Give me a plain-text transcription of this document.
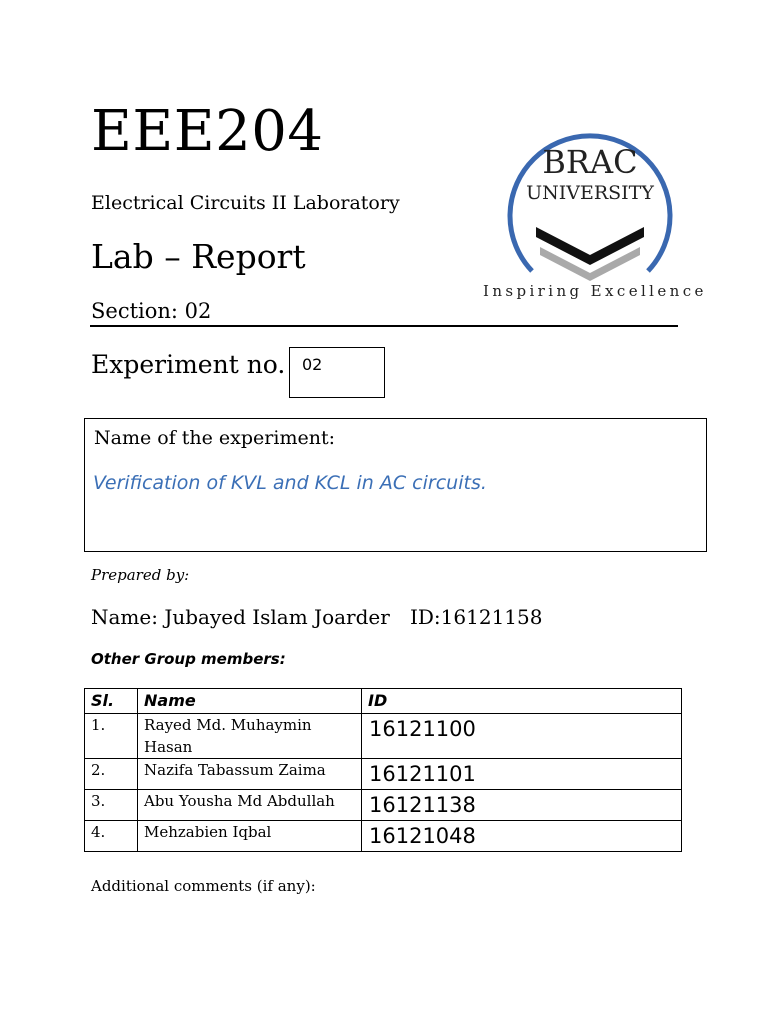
EEE204
Electrical Circuits II Laboratory
Lab – Report
Section: 02
BRAC
UNIVERSITY
Inspiring Excellence
Experiment no. 02
Name of the experiment:
Verification of KVL and KCL in AC circuits.
Prepared by:
Name: Jubayed Islam Joarder ID:16121158
Other Group members:
Sl.	Name	ID
1.	Rayed Md. Muhaymin Hasan	16121100
2.	Nazifa Tabassum Zaima	16121101
3.	Abu Yousha Md Abdullah	16121138
4.	Mehzabien Iqbal	16121048
Additional comments (if any):
